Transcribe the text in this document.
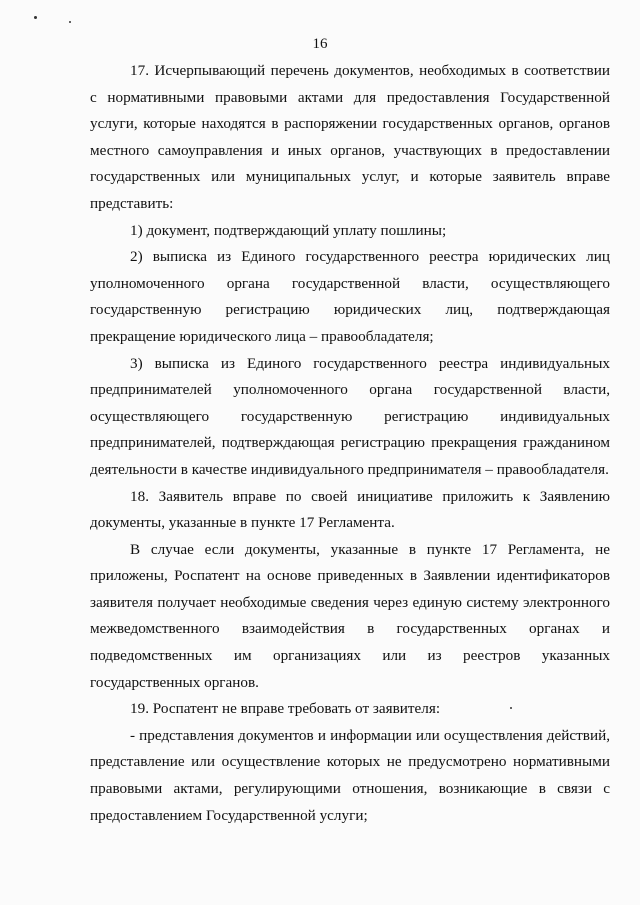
16

17. Исчерпывающий перечень документов, необходимых в соответствии с нормативными правовыми актами для предоставления Государственной услуги, которые находятся в распоряжении государственных органов, органов местного самоуправления и иных органов, участвующих в предоставлении государственных или муниципальных услуг, и которые заявитель вправе представить:

1) документ, подтверждающий уплату пошлины;

2) выписка из Единого государственного реестра юридических лиц уполномоченного органа государственной власти, осуществляющего государственную регистрацию юридических лиц, подтверждающая прекращение юридического лица – правообладателя;

3) выписка из Единого государственного реестра индивидуальных предпринимателей уполномоченного органа государственной власти, осуществляющего государственную регистрацию индивидуальных предпринимателей, подтверждающая регистрацию прекращения гражданином деятельности в качестве индивидуального предпринимателя – правообладателя.

18. Заявитель вправе по своей инициативе приложить к Заявлению документы, указанные в пункте 17 Регламента.

В случае если документы, указанные в пункте 17 Регламента, не приложены, Роспатент на основе приведенных в Заявлении идентификаторов заявителя получает необходимые сведения через единую систему электронного межведомственного взаимодействия в государственных органах и подведомственных им организациях или из реестров указанных государственных органов.

19. Роспатент не вправе требовать от заявителя:

- представления документов и информации или осуществления действий, представление или осуществление которых не предусмотрено нормативными правовыми актами, регулирующими отношения, возникающие в связи с предоставлением Государственной услуги;
